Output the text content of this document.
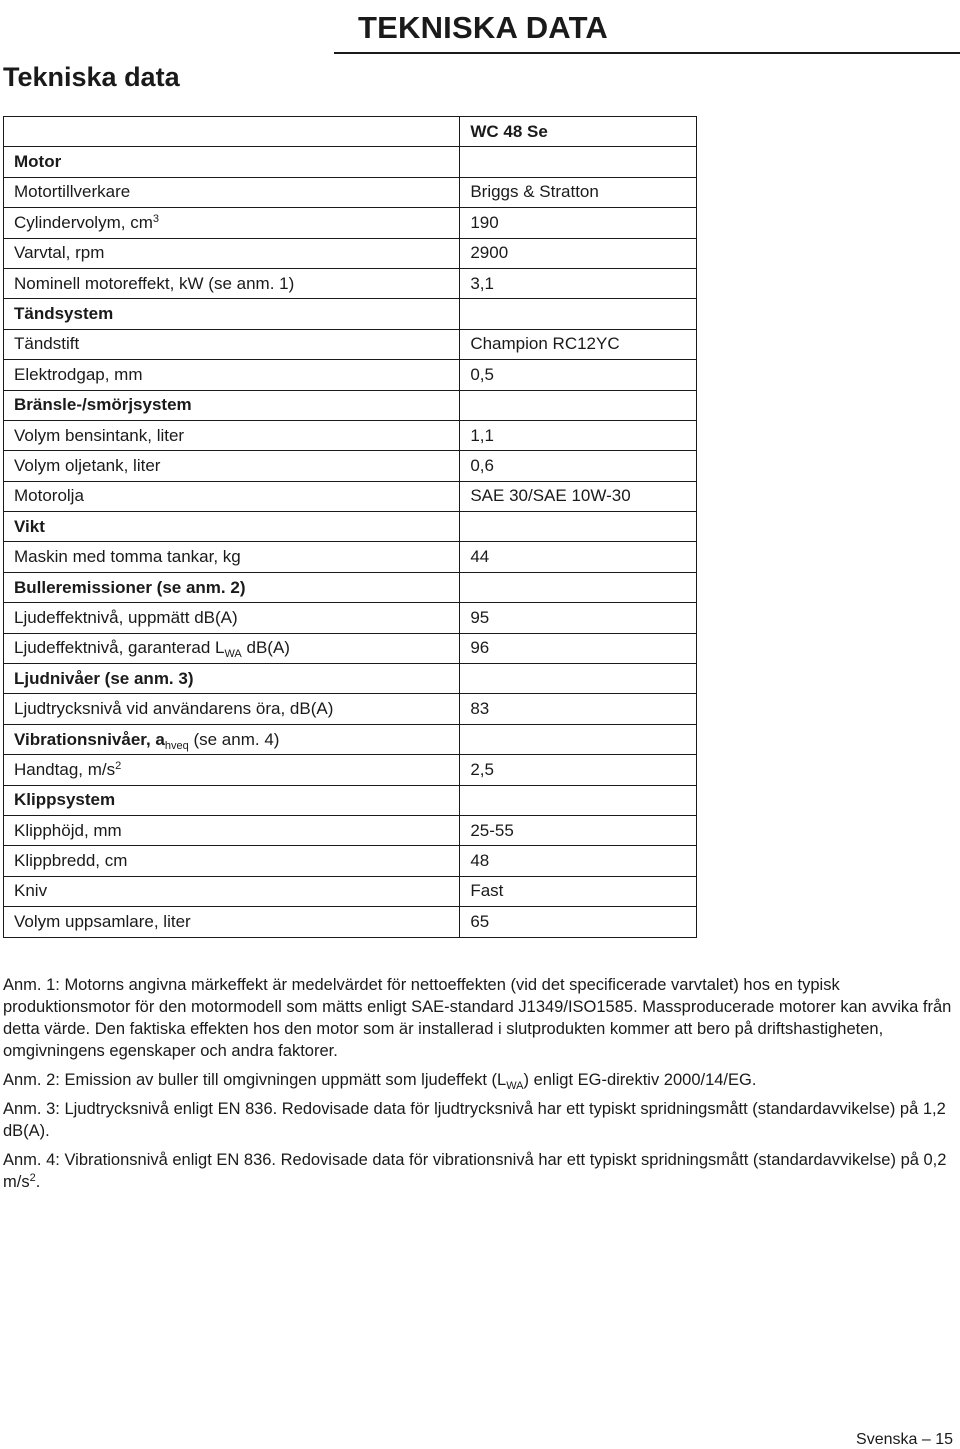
TEKNISKA DATA
Tekniska data
	WC 48 Se
Motor	
Motortillverkare	Briggs & Stratton
Cylindervolym, $cm^3$	190
Varvtal, rpm	2900
Nominell motoreffekt, kW (se anm. 1)	3,1
Tändsystem	
Tändstift	Champion RC12YC
Elektrodgap, mm	0,5
Bränsle-/smörjsystem	
Volym bensintank, liter	1,1
Volym oljetank, liter	0,6
Motorolja	SAE 30/SAE 10W-30
Vikt	
Maskin med tomma tankar, kg	44
Bulleremissioner (se anm. 2)	
Ljudeffektnivå, uppmätt dB(A)	95
Ljudeffektnivå, garanterad $L_{WA}$ dB(A)	96
Ljudnivåer (se anm. 3)	
Ljudtrycksnivå vid användarens öra, dB(A)	83
Vibrationsnivåer, $a_{hveq}$ (se anm. 4)	
Handtag, $m/s^2$	2,5
Klippsystem	
Klipphöjd, mm	25-55
Klippbredd, cm	48
Kniv	Fast
Volym uppsamlare, liter	65

Anm. 1: Motorns angivna märkeffekt är medelvärdet för nettoeffekten (vid det specificerade varvtalet) hos en typisk produktionsmotor för den motormodell som mätts enligt SAE-standard J1349/ISO1585. Massproducerade motorer kan avvika från detta värde. Den faktiska effekten hos den motor som är installerad i slutprodukten kommer att bero på driftshastigheten, omgivningens egenskaper och andra faktorer.

Anm. 2: Emission av buller till omgivningen uppmätt som ljudeffekt $(L_{WA})$ enligt EG-direktiv 2000/14/EG.

Anm. 3: Ljudtrycksnivå enligt EN 836. Redovisade data för ljudtrycksnivå har ett typiskt spridningsmått (standardavvikelse) på 1,2 dB(A).

Anm. 4: Vibrationsnivå enligt EN 836. Redovisade data för vibrationsnivå har ett typiskt spridningsmått (standardavvikelse) på 0,2 $m/s^2$.

Svenska – 15
